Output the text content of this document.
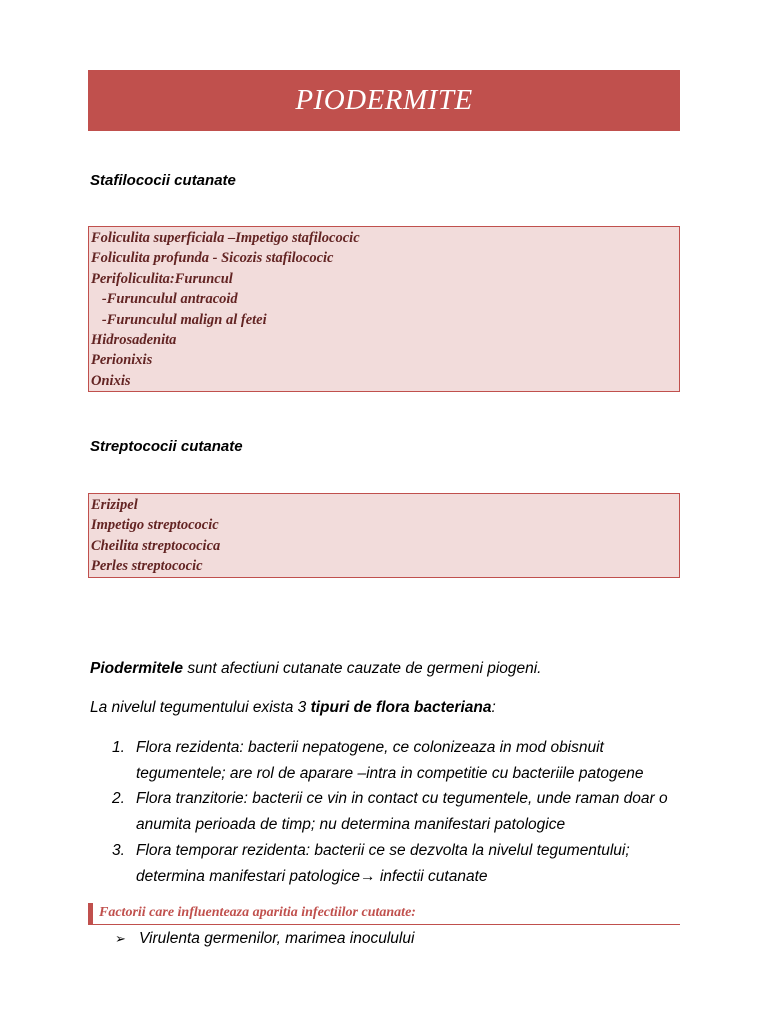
PIODERMITE
Stafilococii cutanate
Foliculita superficiala –Impetigo stafilococic
Foliculita profunda - Sicozis stafilococic
Perifoliculita:Furuncul
-Furunculul antracoid
-Furunculul malign al fetei
Hidrosadenita
Perionixis
Onixis
Streptococii cutanate
Erizipel
Impetigo streptococic
Cheilita streptococica
Perles streptococic
Piodermitele sunt afectiuni cutanate cauzate de germeni piogeni.
La nivelul tegumentului exista 3 tipuri de flora bacteriana:
1. Flora rezidenta: bacterii nepatogene, ce colonizeaza in mod obisnuit tegumentele; are rol de aparare –intra in competitie cu bacteriile patogene
2. Flora tranzitorie: bacterii ce vin in contact cu tegumentele, unde raman doar o anumita perioada de timp; nu determina manifestari patologice
3. Flora temporar rezidenta: bacterii ce se dezvolta la nivelul tegumentului; determina manifestari patologice→ infectii cutanate
Factorii care influenteaza aparitia infectiilor cutanate:
➢ Virulenta germenilor, marimea inoculului
